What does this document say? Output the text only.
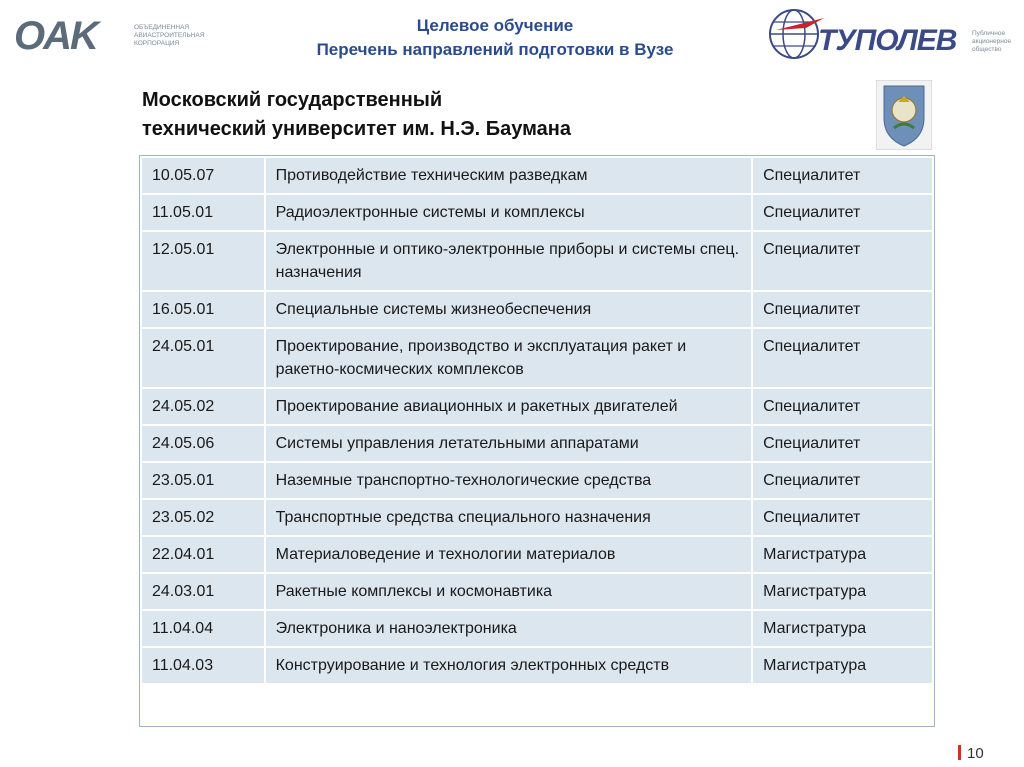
OAK	ОБЪЕДИНЕННАЯ АВИАСТРОИТЕЛЬНАЯ КОРПОРАЦИЯ
Целевое обучение
Перечень направлений подготовки в Вузе	ТУПОЛЕВ Публичное акционерное общество
Московский государственный
технический университет им. Н.Э. Баумана
10.05.07	Противодействие техническим разведкам	Специалитет
11.05.01	Радиоэлектронные системы и комплексы	Специалитет
12.05.01	Электронные и оптико-электронные приборы и системы спец. назначения	Специалитет
16.05.01	Специальные системы жизнеобеспечения	Специалитет
24.05.01	Проектирование, производство и эксплуатация ракет и ракетно-космических комплексов	Специалитет
24.05.02	Проектирование авиационных и ракетных двигателей	Специалитет
24.05.06	Системы управления летательными аппаратами	Специалитет
23.05.01	Наземные транспортно-технологические средства	Специалитет
23.05.02	Транспортные средства специального назначения	Специалитет
22.04.01	Материаловедение и технологии материалов	Магистратура
24.03.01	Ракетные комплексы и космонавтика	Магистратура
11.04.04	Электроника и наноэлектроника	Магистратура
11.04.03	Конструирование и технология электронных средств	Магистратура
10
